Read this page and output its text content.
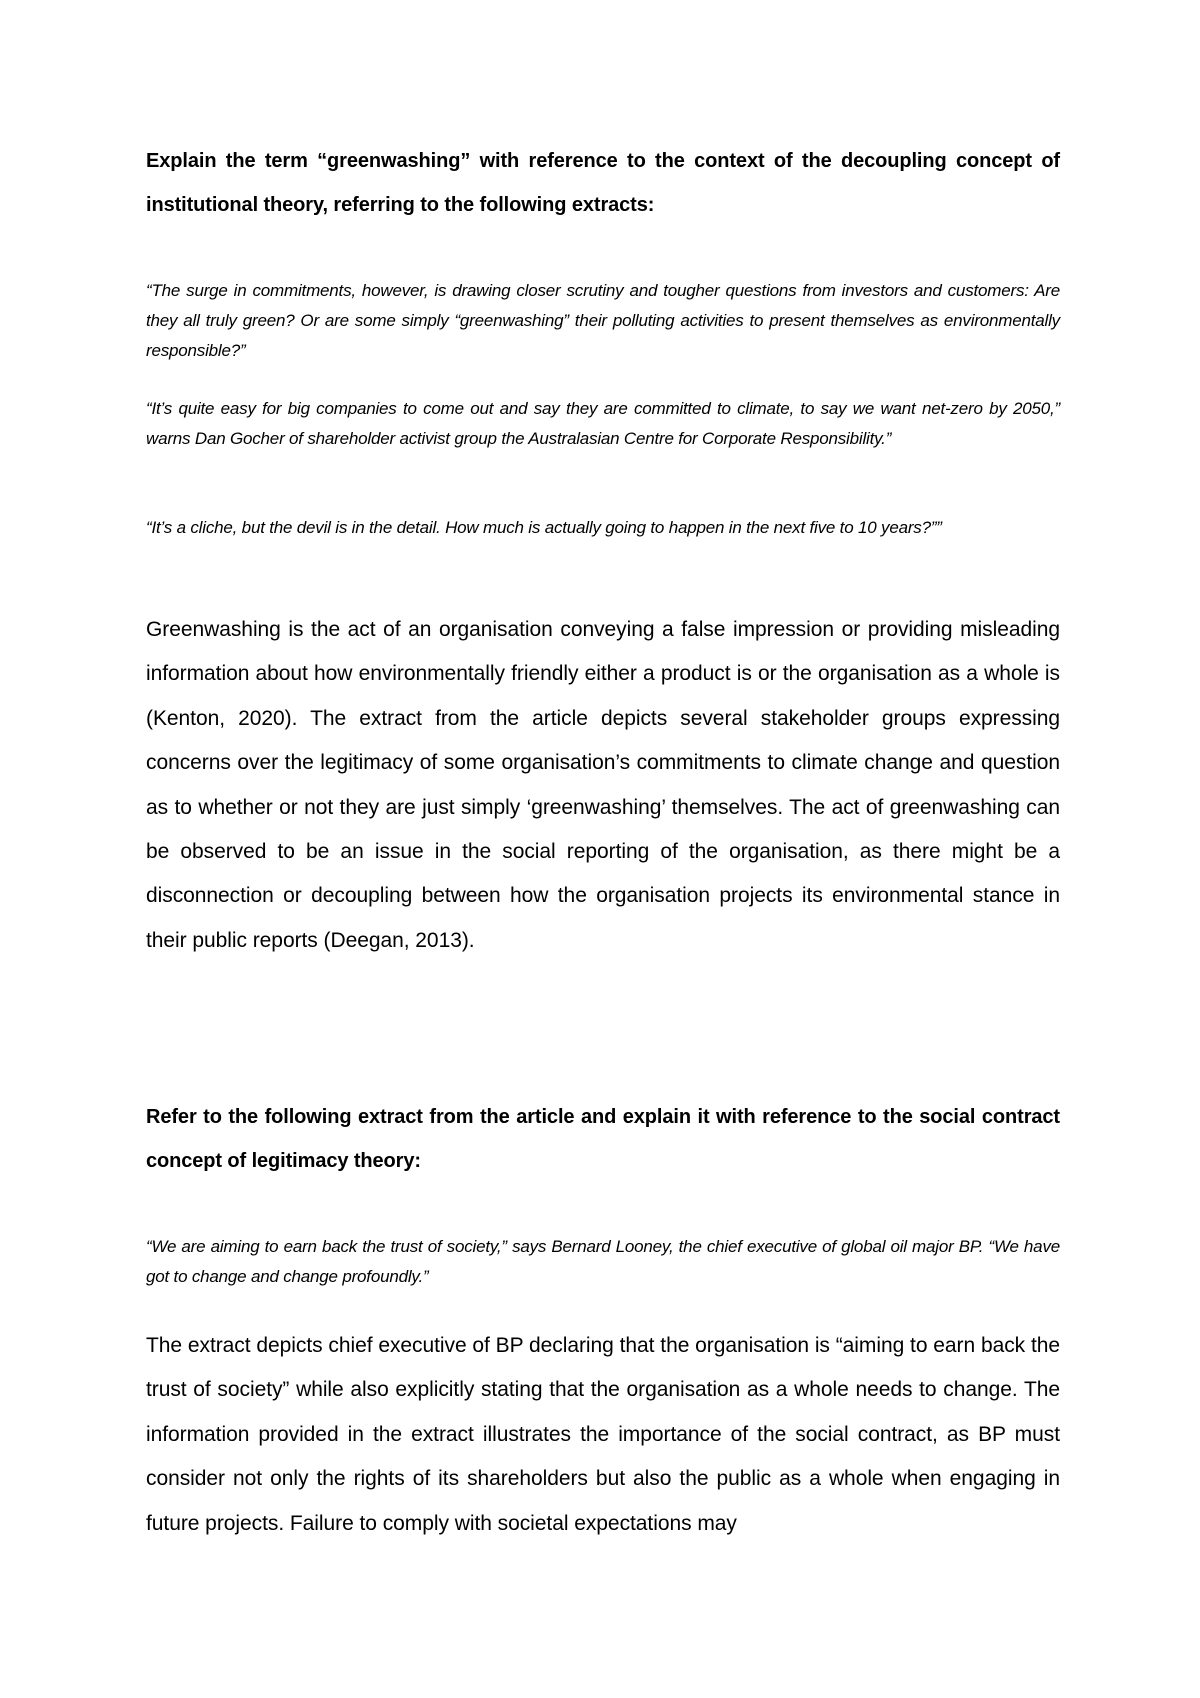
Explain the term “greenwashing” with reference to the context of the decoupling concept of institutional theory, referring to the following extracts:

“The surge in commitments, however, is drawing closer scrutiny and tougher questions from investors and customers: Are they all truly green? Or are some simply “greenwashing” their polluting activities to present themselves as environmentally responsible?”

“It’s quite easy for big companies to come out and say they are committed to climate, to say we want net-zero by 2050,” warns Dan Gocher of shareholder activist group the Australasian Centre for Corporate Responsibility.”

“It’s a cliche, but the devil is in the detail. How much is actually going to happen in the next five to 10 years?””

Greenwashing is the act of an organisation conveying a false impression or providing misleading information about how environmentally friendly either a product is or the organisation as a whole is (Kenton, 2020). The extract from the article depicts several stakeholder groups expressing concerns over the legitimacy of some organisation’s commitments to climate change and question as to whether or not they are just simply ‘greenwashing’ themselves. The act of greenwashing can be observed to be an issue in the social reporting of the organisation, as there might be a disconnection or decoupling between how the organisation projects its environmental stance in their public reports (Deegan, 2013).

Refer to the following extract from the article and explain it with reference to the social contract concept of legitimacy theory:

“We are aiming to earn back the trust of society,” says Bernard Looney, the chief executive of global oil major BP. “We have got to change and change profoundly.”

The extract depicts chief executive of BP declaring that the organisation is “aiming to earn back the trust of society” while also explicitly stating that the organisation as a whole needs to change. The information provided in the extract illustrates the importance of the social contract, as BP must consider not only the rights of its shareholders but also the public as a whole when engaging in future projects. Failure to comply with societal expectations may
